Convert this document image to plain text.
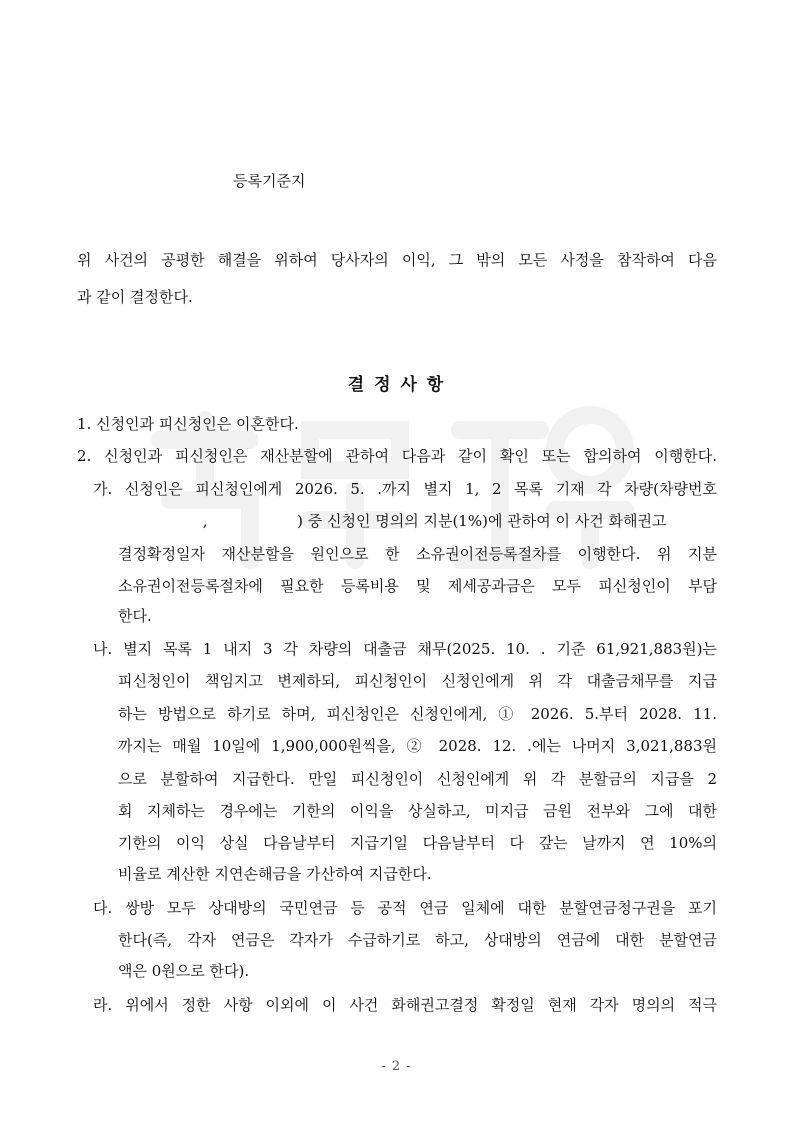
등록기준지
위 사건의 공평한 해결을 위하여 당사자의 이익, 그 밖의 모든 사정을 참작하여 다음
과 같이 결정한다.
결 정 사 항
1. 신청인과 피신청인은 이혼한다.
2. 신청인과 피신청인은 재산분할에 관하여 다음과 같이 확인 또는 합의하여 이행한다.
가. 신청인은 피신청인에게 2026. 5. .까지 별지 1, 2 목록 기재 각 차량(차량번호
,	) 중 신청인 명의의 지분(1%)에 관하여 이 사건 화해권고
결정확정일자 재산분할을 원인으로 한 소유권이전등록절차를 이행한다. 위 지분
소유권이전등록절차에 필요한 등록비용 및 제세공과금은 모두 피신청인이 부담
한다.
나. 별지 목록 1 내지 3 각 차량의 대출금 채무(2025. 10. . 기준 61,921,883원)는
피신청인이 책임지고 변제하되, 피신청인이 신청인에게 위 각 대출금채무를 지급
하는 방법으로 하기로 하며, 피신청인은 신청인에게, ① 2026. 5.부터 2028. 11.
까지는 매월 10일에 1,900,000원씩을, ② 2028. 12. .에는 나머지 3,021,883원
으로 분할하여 지급한다. 만일 피신청인이 신청인에게 위 각 분할금의 지급을 2
회 지체하는 경우에는 기한의 이익을 상실하고, 미지급 금원 전부와 그에 대한
기한의 이익 상실 다음날부터 지급기일 다음날부터 다 갚는 날까지 연 10%의
비율로 계산한 지연손해금을 가산하여 지급한다.
다. 쌍방 모두 상대방의 국민연금 등 공적 연금 일체에 대한 분할연금청구권을 포기
한다(즉, 각자 연금은 각자가 수급하기로 하고, 상대방의 연금에 대한 분할연금
액은 0원으로 한다).
라. 위에서 정한 사항 이외에 이 사건 화해권고결정 확정일 현재 각자 명의의 적극
- 2 -
